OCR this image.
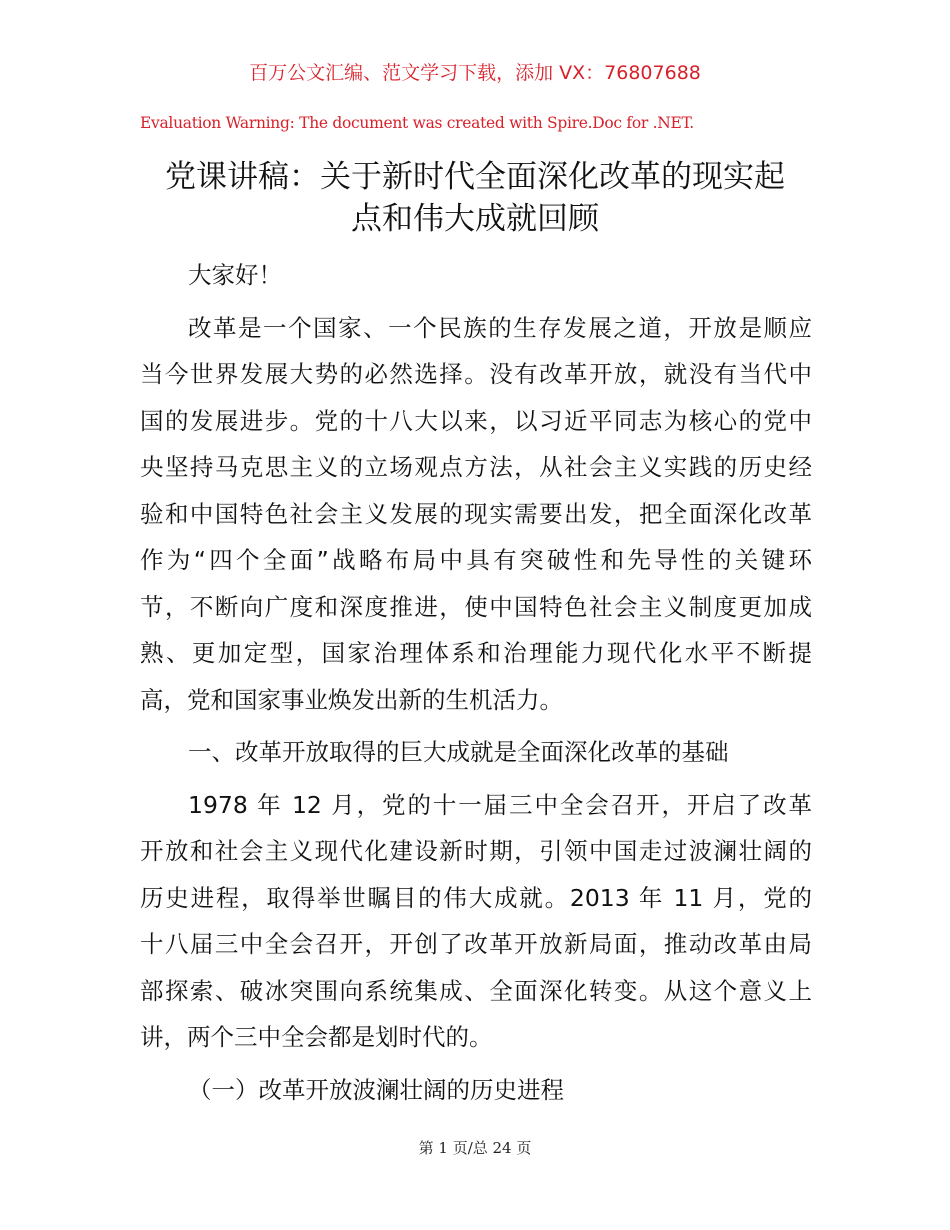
百万公文汇编、范文学习下载，添加 VX：76807688
Evaluation Warning: The document was created with Spire.Doc for .NET.
党课讲稿：关于新时代全面深化改革的现实起
点和伟大成就回顾
大家好！
改革是一个国家、一个民族的生存发展之道，开放是顺应
当今世界发展大势的必然选择。没有改革开放，就没有当代中
国的发展进步。党的十八大以来，以习近平同志为核心的党中
央坚持马克思主义的立场观点方法，从社会主义实践的历史经
验和中国特色社会主义发展的现实需要出发，把全面深化改革
作为“四个全面”战略布局中具有突破性和先导性的关键环
节，不断向广度和深度推进，使中国特色社会主义制度更加成
熟、更加定型，国家治理体系和治理能力现代化水平不断提
高，党和国家事业焕发出新的生机活力。
一、改革开放取得的巨大成就是全面深化改革的基础
1978 年 12 月，党的十一届三中全会召开，开启了改革
开放和社会主义现代化建设新时期，引领中国走过波澜壮阔的
历史进程，取得举世瞩目的伟大成就。2013 年 11 月，党的
十八届三中全会召开，开创了改革开放新局面，推动改革由局
部探索、破冰突围向系统集成、全面深化转变。从这个意义上
讲，两个三中全会都是划时代的。
（一）改革开放波澜壮阔的历史进程
第 1 页/总 24 页
